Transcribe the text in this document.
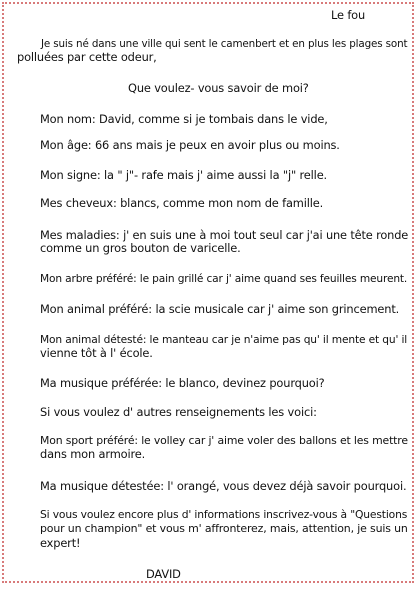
Le fou
Je suis né dans une ville qui sent le camenbert et en plus les plages sont
polluées par cette odeur,
Que voulez- vous savoir de moi?
Mon nom: David, comme si je tombais dans le vide,
Mon âge: 66 ans mais je peux en avoir plus ou moins.
Mon signe: la " j"- rafe mais j' aime aussi la "j" relle.
Mes cheveux: blancs, comme mon nom de famille.
Mes maladies: j' en suis une à moi tout seul car j'ai une tête ronde
comme un gros bouton de varicelle.
Mon arbre préféré: le pain grillé car j' aime quand ses feuilles meurent.
Mon animal préféré: la scie musicale car j' aime son grincement.
Mon animal détesté: le manteau car je n'aime pas qu' il mente et qu' il
vienne tôt à l' école.
Ma musique préférée: le blanco, devinez pourquoi?
Si vous voulez d' autres renseignements les voici:
Mon sport préféré: le volley car j' aime voler des ballons et les mettre
dans mon armoire.
Ma musique détestée: l' orangé, vous devez déjà savoir pourquoi.
Si vous voulez encore plus d' informations inscrivez-vous à "Questions
pour un champion" et vous m' affronterez, mais, attention, je suis un
expert!
DAVID
